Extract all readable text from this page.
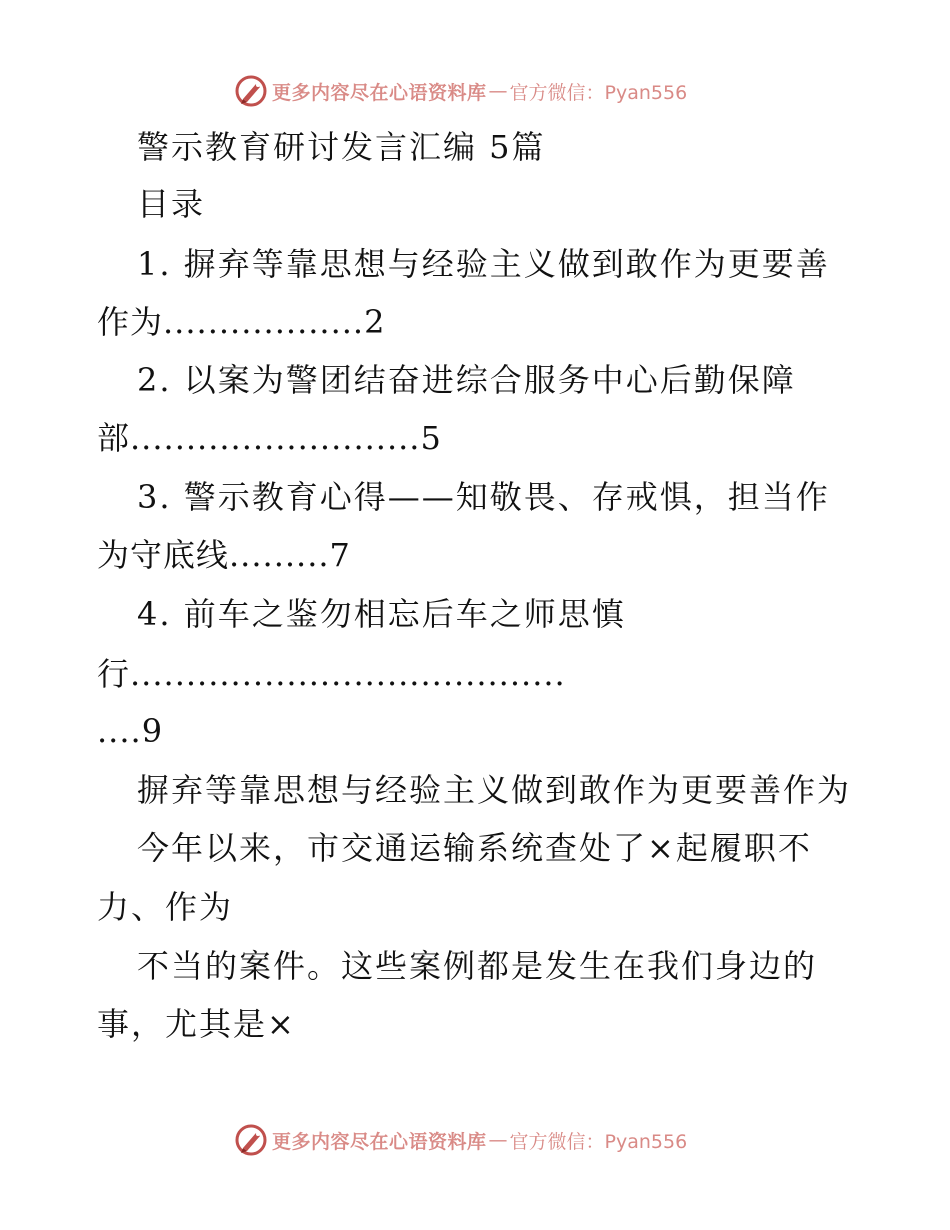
更多内容尽在心语资料库 — 官方微信：Pyan556
警示教育研讨发言汇编 5篇
目录
1. 摒弃等靠思想与经验主义做到敢作为更要善
作为..................2
2. 以案为警团结奋进综合服务中心后勤保障
部..........................5
3. 警示教育心得——知敬畏、存戒惧，担当作
为守底线.........7
4. 前车之鉴勿相忘后车之师思慎
行.......................................
....9
摒弃等靠思想与经验主义做到敢作为更要善作为
今年以来，市交通运输系统查处了×起履职不
力、作为
不当的案件。这些案例都是发生在我们身边的
事，尤其是×
更多内容尽在心语资料库 — 官方微信：Pyan556
